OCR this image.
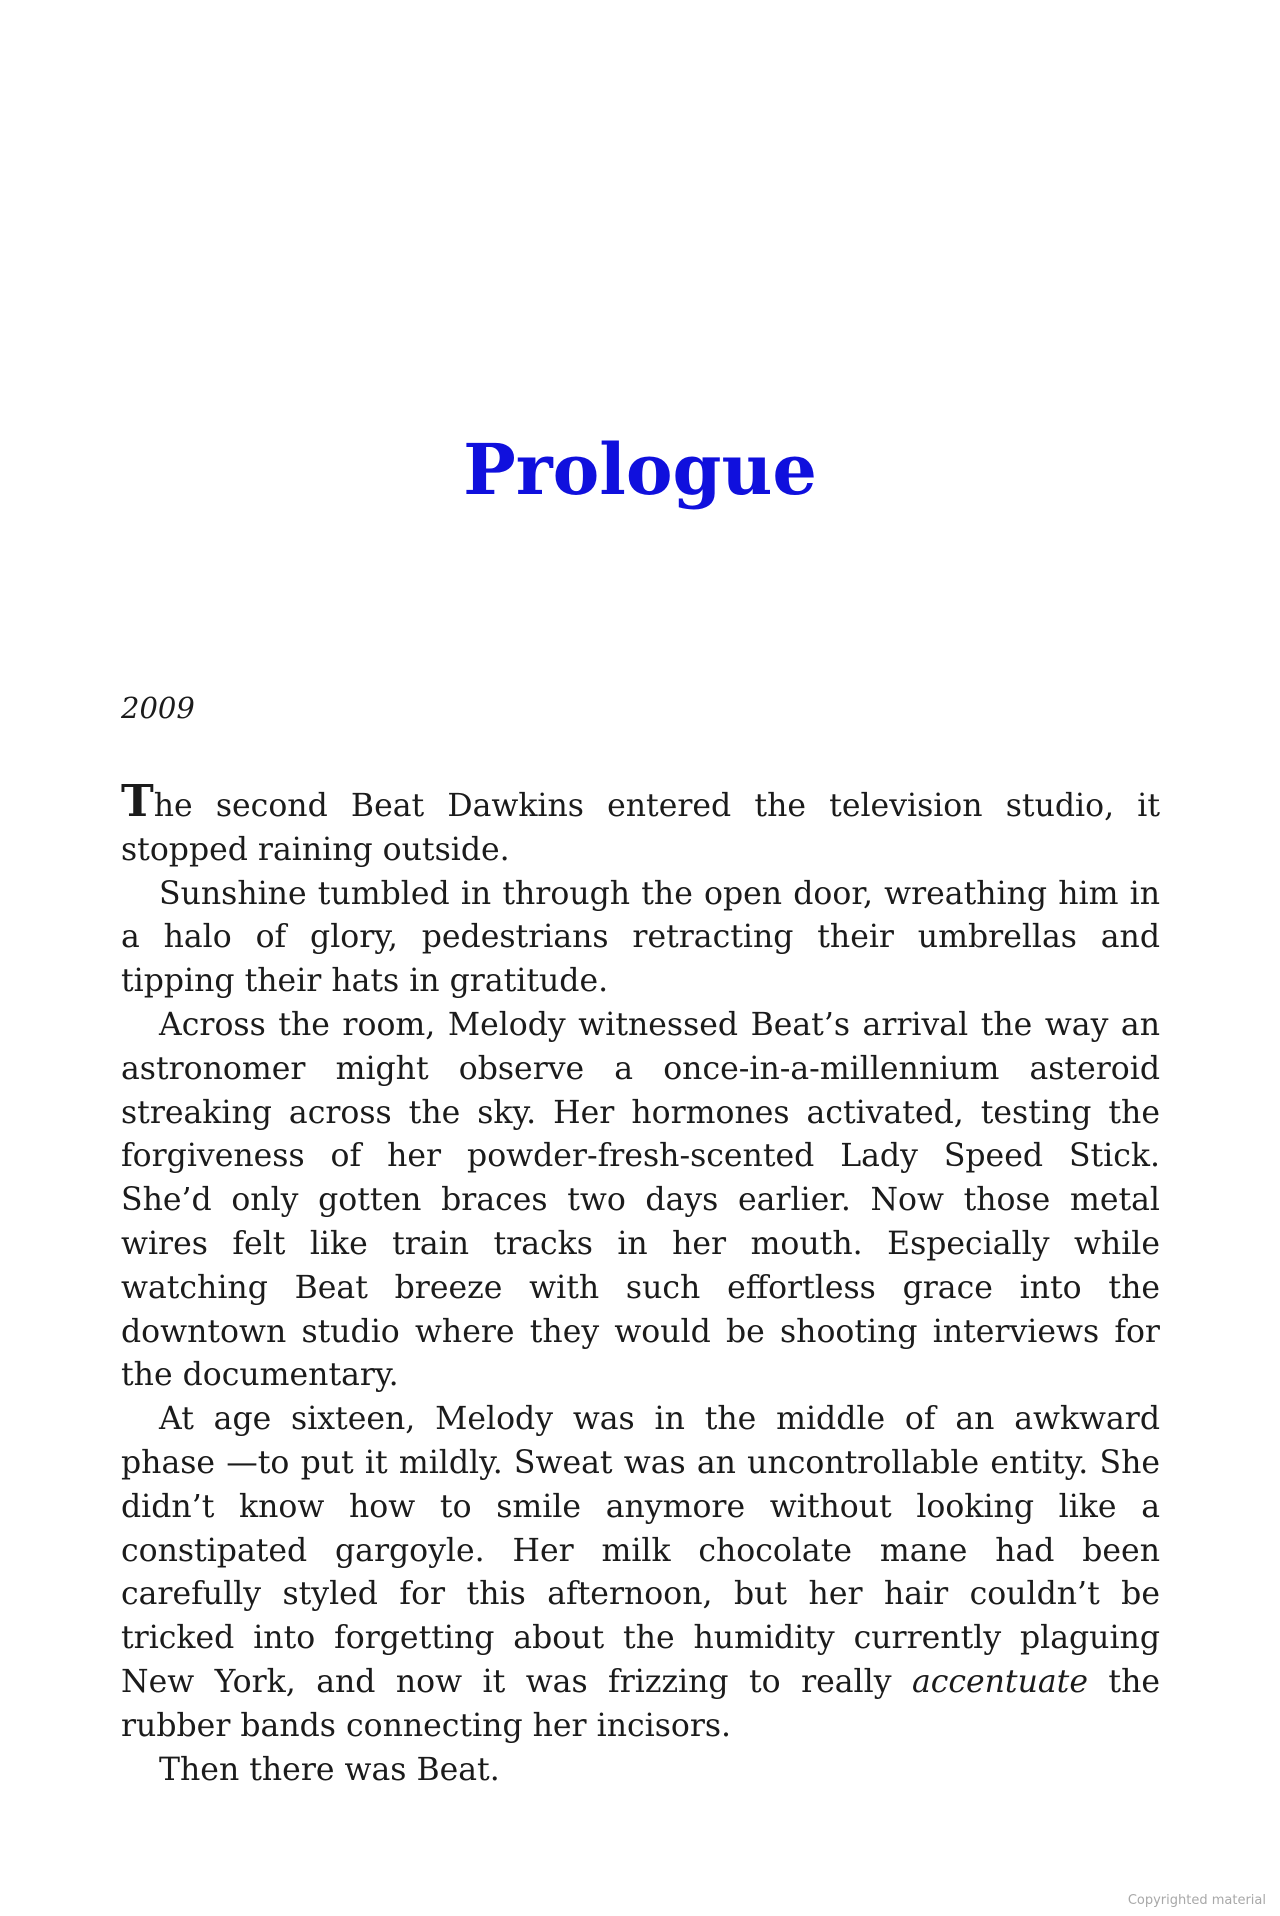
Prologue

2009

The second Beat Dawkins entered the television studio, it stopped raining outside.

Sunshine tumbled in through the open door, wreathing him in a halo of glory, pedestrians retracting their umbrellas and tipping their hats in gratitude.

Across the room, Melody witnessed Beat’s arrival the way an astronomer might observe a once-in-a-millennium asteroid streaking across the sky. Her hormones activated, testing the forgiveness of her powder-fresh-scented Lady Speed Stick. She’d only gotten braces two days earlier. Now those metal wires felt like train tracks in her mouth. Especially while watching Beat breeze with such effortless grace into the downtown studio where they would be shooting interviews for the documentary.

At age sixteen, Melody was in the middle of an awkward phase —to put it mildly. Sweat was an uncontrollable entity. She didn’t know how to smile anymore without looking like a constipated gargoyle. Her milk chocolate mane had been carefully styled for this afternoon, but her hair couldn’t be tricked into forgetting about the humidity currently plaguing New York, and now it was frizzing to really accentuate the rubber bands connecting her incisors.

Then there was Beat.

Copyrighted material
